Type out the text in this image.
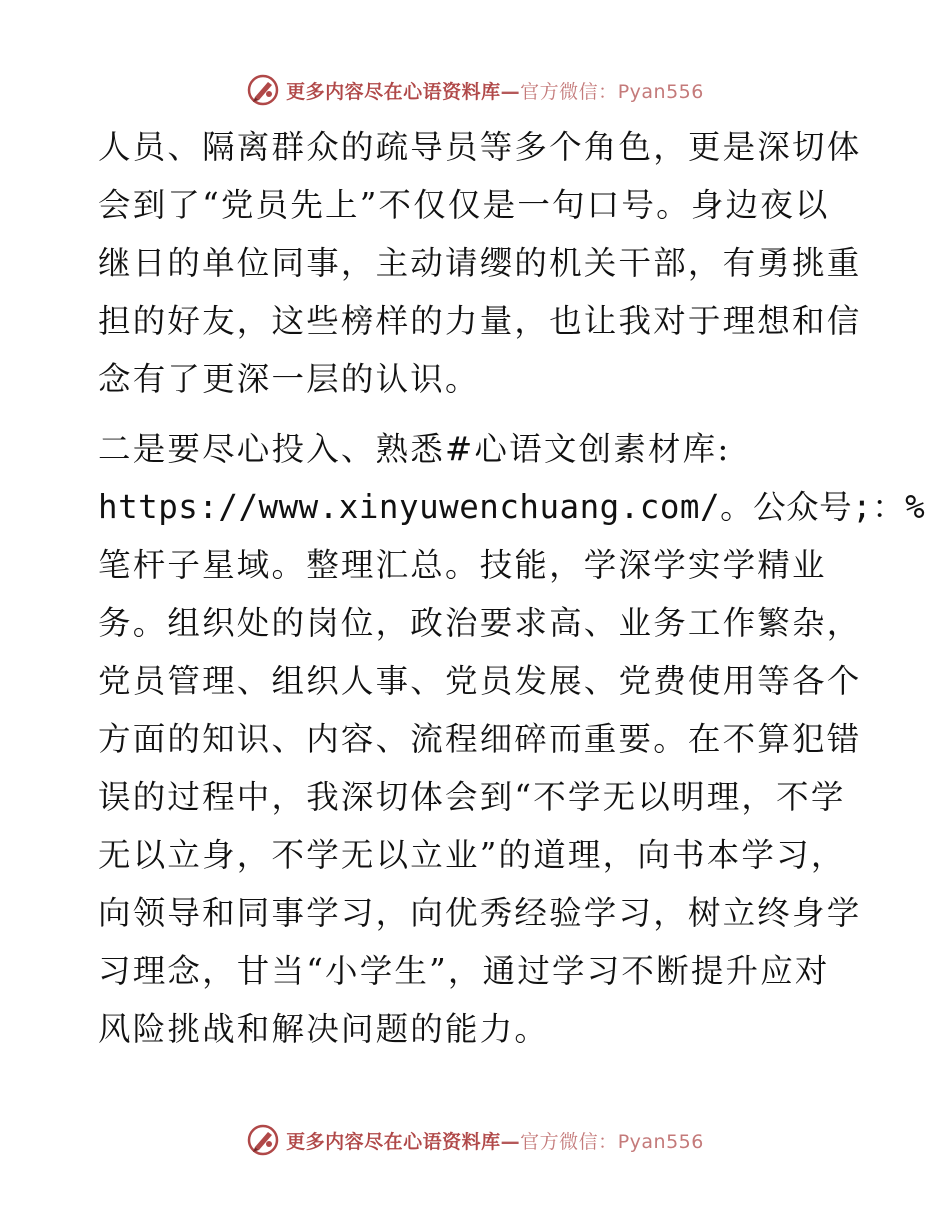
更多内容尽在心语资料库—官方微信：Pyan556

人员、隔离群众的疏导员等多个角色，更是深切体
会到了“党员先上”不仅仅是一句口号。身边夜以
继日的单位同事，主动请缨的机关干部，有勇挑重
担的好友，这些榜样的力量，也让我对于理想和信
念有了更深一层的认识。

二是要尽心投入、熟悉#心语文创素材库:
https://www.xinyuwenchuang.com/。公众号;：%
笔杆子星域。整理汇总。技能，学深学实学精业
务。组织处的岗位，政治要求高、业务工作繁杂，
党员管理、组织人事、党员发展、党费使用等各个
方面的知识、内容、流程细碎而重要。在不算犯错
误的过程中，我深切体会到“不学无以明理，不学
无以立身，不学无以立业”的道理，向书本学习，
向领导和同事学习，向优秀经验学习，树立终身学
习理念，甘当“小学生”，通过学习不断提升应对
风险挑战和解决问题的能力。

更多内容尽在心语资料库—官方微信：Pyan556
